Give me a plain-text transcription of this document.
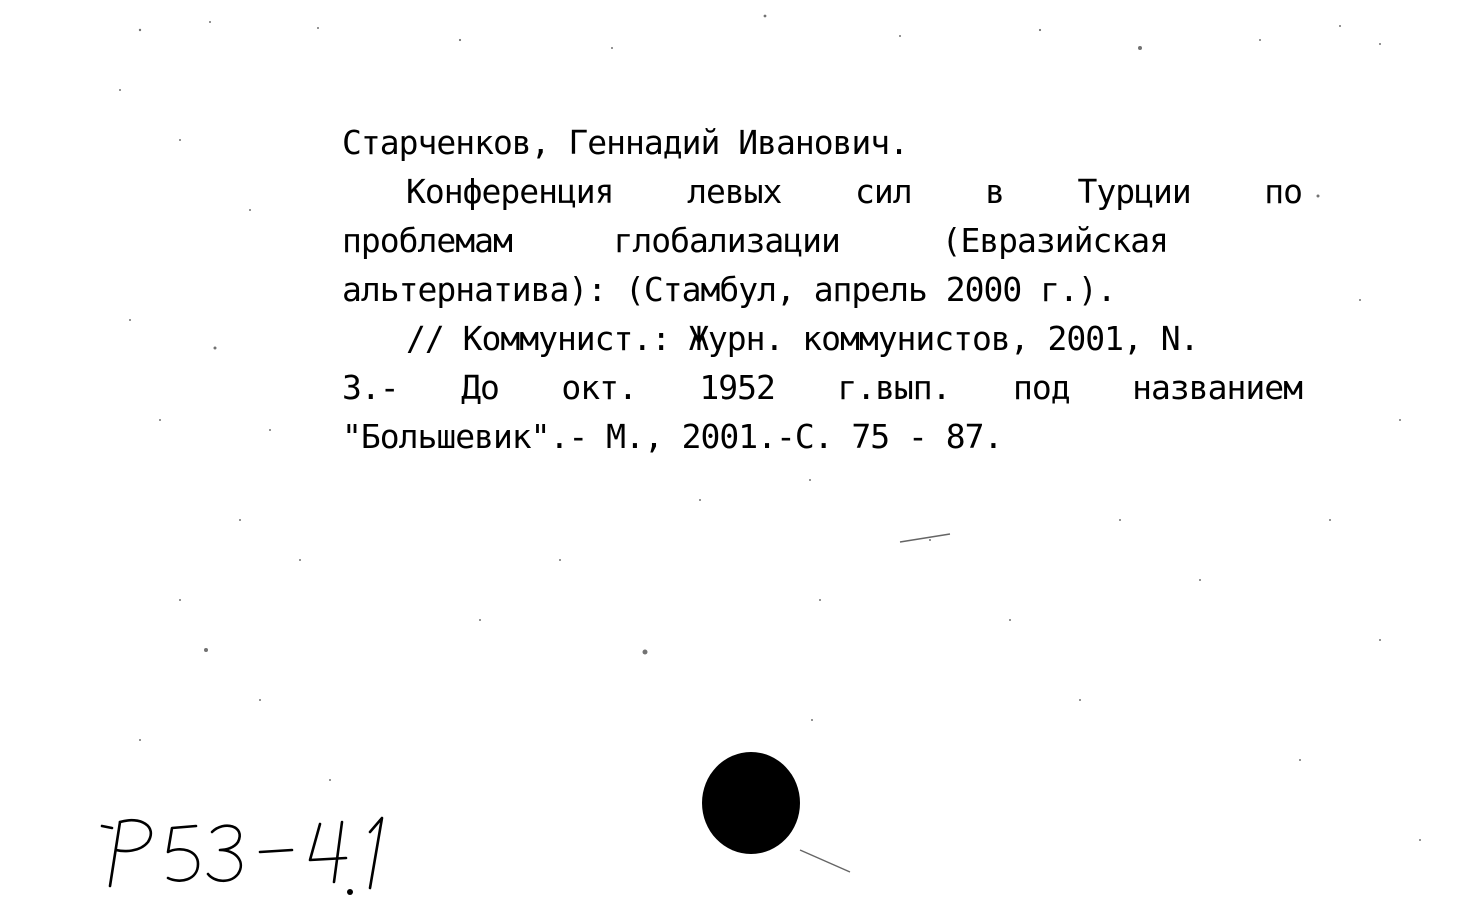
Старченков, Геннадий Иванович.
Конференция левых сил в Турции по
проблемам	глобализации	(Евразийская
альтернатива): (Стамбул, апрель 2000 г.).
// Коммунист.: Журн. коммунистов, 2001, N.
3.- До окт. 1952 г.вып. под названием
"Большевик".- М., 2001.-С. 75 - 87.
